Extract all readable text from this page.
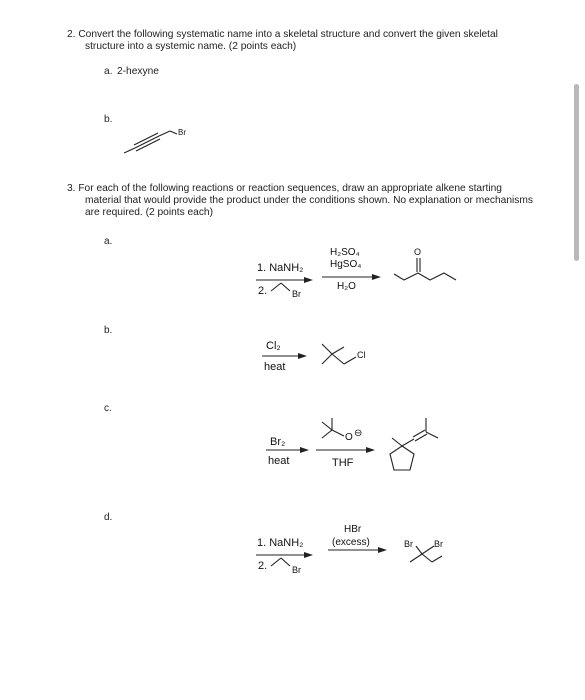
2. Convert the following systematic name into a skeletal structure and convert the given skeletal
structure into a systemic name. (2 points each)
a. 2-hexyne
b.
Br
3. For each of the following reactions or reaction sequences, draw an appropriate alkene starting
material that would provide the product under the conditions shown. No explanation or mechanisms
are required. (2 points each)
a.
1. NaNH₂
2.	Br
H₂SO₄
HgSO₄
H₂O
O
b.
Cl₂
heat
Cl
c.
Br₂
heat
O ⊖
THF
d.
1. NaNH₂
2.	Br
HBr
(excess)	Br Br
